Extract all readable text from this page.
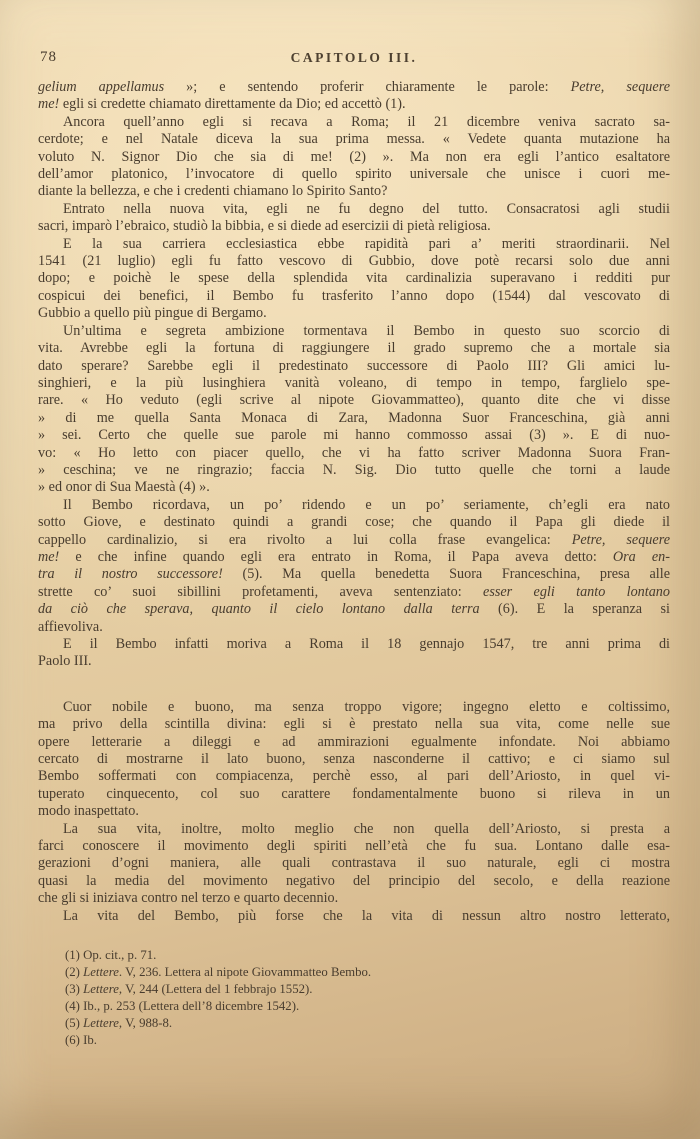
78	CAPITOLO III.
gelium appellamus »; e sentendo proferir chiaramente le parole: Petre, sequere
me! egli si credette chiamato direttamente da Dio; ed accettò (1).
Ancora quell’anno egli si recava a Roma; il 21 dicembre veniva sacrato sa-
cerdote; e nel Natale diceva la sua prima messa. « Vedete quanta mutazione ha
voluto N. Signor Dio che sia di me! (2) ». Ma non era egli l’antico esaltatore
dell’amor platonico, l’invocatore di quello spirito universale che unisce i cuori me-
diante la bellezza, e che i credenti chiamano lo Spirito Santo?
Entrato nella nuova vita, egli ne fu degno del tutto. Consacratosi agli studii
sacri, imparò l’ebraico, studiò la bibbia, e si diede ad esercizii di pietà religiosa.
E la sua carriera ecclesiastica ebbe rapidità pari a’ meriti straordinarii. Nel
1541 (21 luglio) egli fu fatto vescovo di Gubbio, dove potè recarsi solo due anni
dopo; e poichè le spese della splendida vita cardinalizia superavano i redditi pur
cospicui dei benefici, il Bembo fu trasferito l’anno dopo (1544) dal vescovato di
Gubbio a quello più pingue di Bergamo.
Un’ultima e segreta ambizione tormentava il Bembo in questo suo scorcio di
vita. Avrebbe egli la fortuna di raggiungere il grado supremo che a mortale sia
dato sperare? Sarebbe egli il predestinato successore di Paolo III? Gli amici lu-
singhieri, e la più lusinghiera vanità voleano, di tempo in tempo, farglielo spe-
rare. « Ho veduto (egli scrive al nipote Giovammatteo), quanto dite che vi disse
» di me quella Santa Monaca di Zara, Madonna Suor Franceschina, già anni
» sei. Certo che quelle sue parole mi hanno commosso assai (3) ». E di nuo-
vo: « Ho letto con piacer quello, che vi ha fatto scriver Madonna Suora Fran-
» ceschina; ve ne ringrazio; faccia N. Sig. Dio tutto quelle che torni a laude
» ed onor di Sua Maestà (4) ».
Il Bembo ricordava, un po’ ridendo e un po’ seriamente, ch’egli era nato
sotto Giove, e destinato quindi a grandi cose; che quando il Papa gli diede il
cappello cardinalizio, si era rivolto a lui colla frase evangelica: Petre, sequere
me! e che infine quando egli era entrato in Roma, il Papa aveva detto: Ora en-
tra il nostro successore! (5). Ma quella benedetta Suora Franceschina, presa alle
strette co’ suoi sibillini profetamenti, aveva sentenziato: esser egli tanto lontano
da ciò che sperava, quanto il cielo lontano dalla terra (6). E la speranza si
affievoliva.
E il Bembo infatti moriva a Roma il 18 gennajo 1547, tre anni prima di
Paolo III.
Cuor nobile e buono, ma senza troppo vigore; ingegno eletto e coltissimo,
ma privo della scintilla divina: egli si è prestato nella sua vita, come nelle sue
opere letterarie a dileggi e ad ammirazioni egualmente infondate. Noi abbiamo
cercato di mostrarne il lato buono, senza nasconderne il cattivo; e ci siamo sul
Bembo soffermati con compiacenza, perchè esso, al pari dell’Ariosto, in quel vi-
tuperato cinquecento, col suo carattere fondamentalmente buono si rileva in un
modo inaspettato.
La sua vita, inoltre, molto meglio che non quella dell’Ariosto, si presta a
farci conoscere il movimento degli spiriti nell’età che fu sua. Lontano dalle esa-
gerazioni d’ogni maniera, alle quali contrastava il suo naturale, egli ci mostra
quasi la media del movimento negativo del principio del secolo, e della reazione
che gli si iniziava contro nel terzo e quarto decennio.
La vita del Bembo, più forse che la vita di nessun altro nostro letterato,
(1) Op. cit., p. 71.
(2) Lettere. V, 236. Lettera al nipote Giovammatteo Bembo.
(3) Lettere, V, 244 (Lettera del 1 febbrajo 1552).
(4) Ib., p. 253 (Lettera dell’8 dicembre 1542).
(5) Lettere, V, 988-8.
(6) Ib.
